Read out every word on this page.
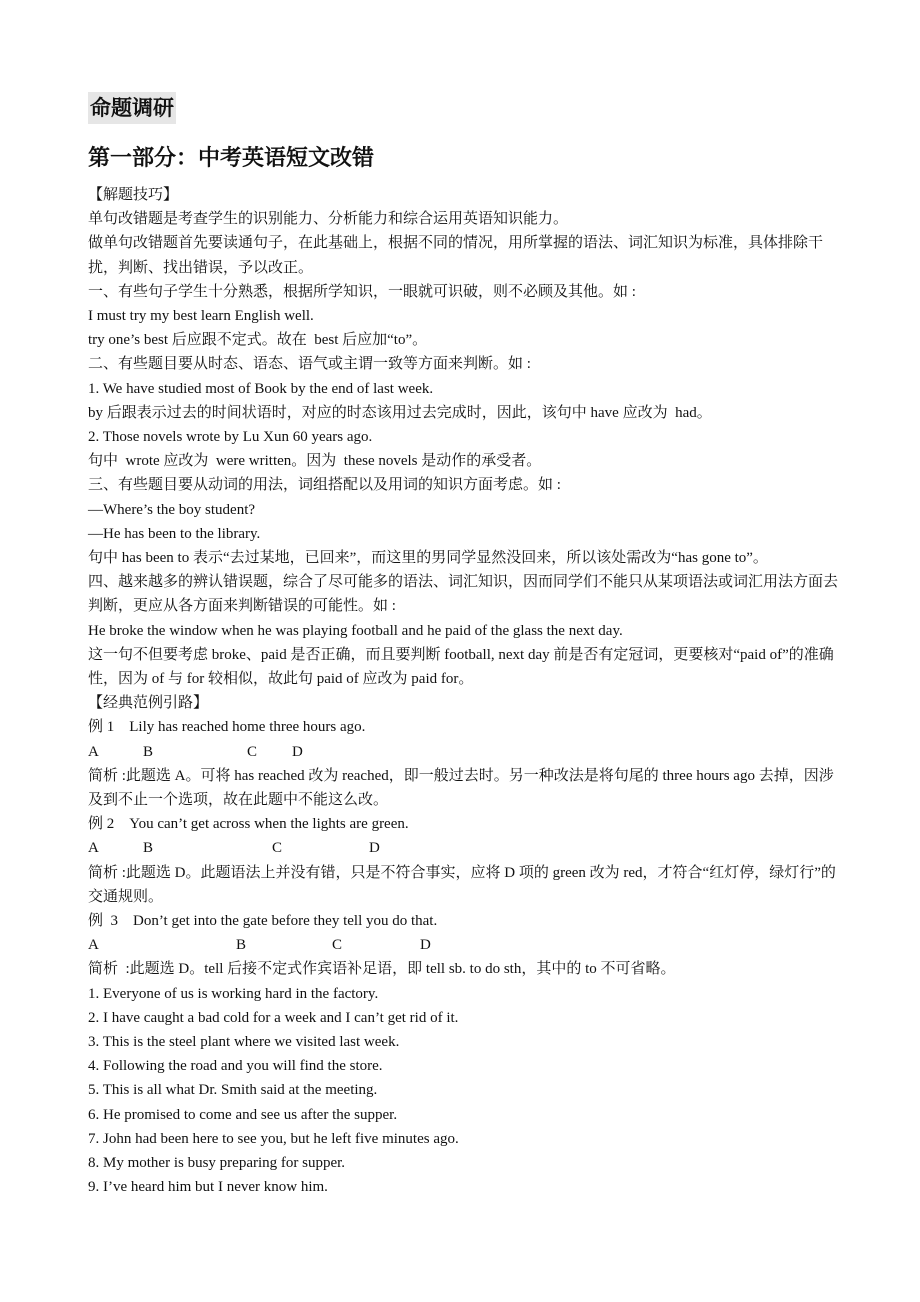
命题调研
第一部分：中考英语短文改错
【解题技巧】
单句改错题是考查学生的识别能力、分析能力和综合运用英语知识能力。
做单句改错题首先要读通句子，在此基础上，根据不同的情况，用所掌握的语法、词汇知识为标准，具体排除干扰，判断、找出错误，予以改正。
一、有些句子学生十分熟悉，根据所学知识，一眼就可识破，则不必顾及其他。如 :
I must try my best learn English well.
try one’s best 后应跟不定式。故在  best 后应加“to”。
二、有些题目要从时态、语态、语气或主谓一致等方面来判断。如 :
1. We have studied most of Book by the end of last week.
by 后跟表示过去的时间状语时，对应的时态该用过去完成时，因此，该句中 have 应改为  had。
2. Those novels wrote by Lu Xun 60 years ago.
句中  wrote 应改为  were written。因为  these novels 是动作的承受者。
三、有些题目要从动词的用法，词组搭配以及用词的知识方面考虑。如 :
—Where’s the boy student?
—He has been to the library.
句中 has been to 表示“去过某地，已回来”，而这里的男同学显然没回来，所以该处需改为“has gone to”。
四、越来越多的辨认错误题，综合了尽可能多的语法、词汇知识，因而同学们不能只从某项语法或词汇用法方面去判断，更应从各方面来判断错误的可能性。如 :
He broke the window when he was playing football and he paid of the glass the next day.
这一句不但要考虑 broke、paid 是否正确，而且要判断 football, next day 前是否有定冠词，更要核对“paid of”的准确性，因为 of 与 for 较相似，故此句 paid of 应改为 paid for。
【经典范例引路】
例 1    Lily has reached home three hours ago.
A	B	C D
简析 :此题选 A。可将 has reached 改为 reached，即一般过去时。另一种改法是将句尾的 three hours ago 去掉，因涉及到不止一个选项，故在此题中不能这么改。
例 2    You can’t get across when the lights are green.
A	B	C	D
简析 :此题选 D。此题语法上并没有错，只是不符合事实，应将 D 项的 green 改为 red，才符合“红灯停，绿灯行”的交通规则。
例  3    Don’t get into the gate before they tell you do that.
A	B	C	D
简析  :此题选 D。tell 后接不定式作宾语补足语，即 tell sb. to do sth，其中的 to 不可省略。
1. Everyone of us is working hard in the factory.
2. I have caught a bad cold for a week and I can’t get rid of it.
3. This is the steel plant where we visited last week.
4. Following the road and you will find the store.
5. This is all what Dr. Smith said at the meeting.
6. He promised to come and see us after the supper.
7. John had been here to see you, but he left five minutes ago.
8. My mother is busy preparing for supper.
9. I’ve heard him but I never know him.
